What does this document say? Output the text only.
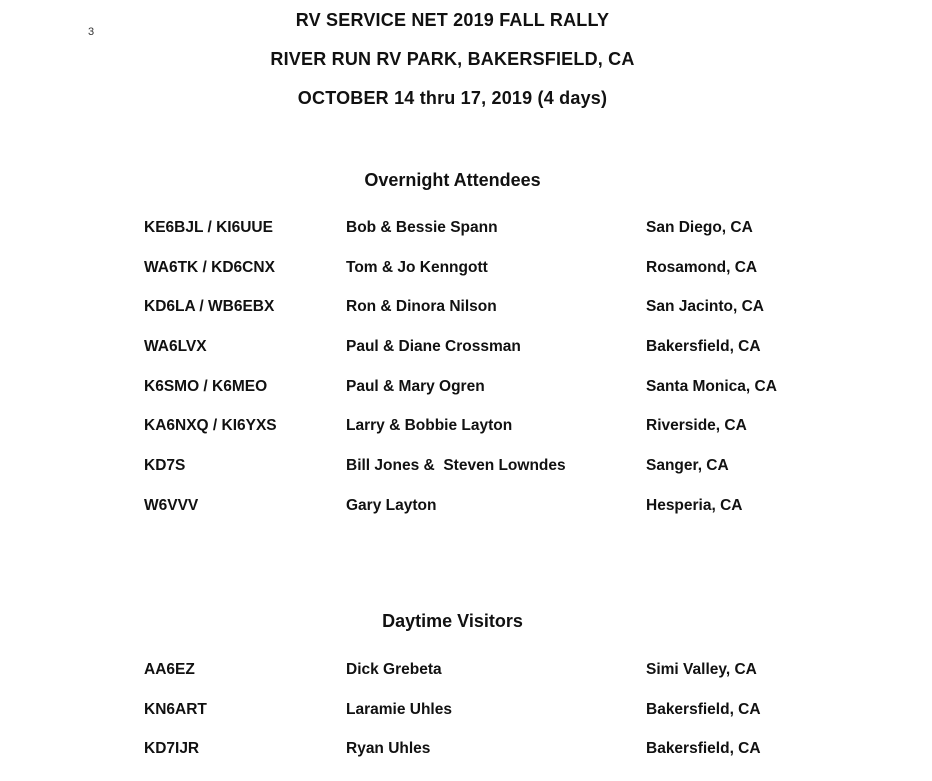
3
RV SERVICE NET 2019 FALL RALLY
RIVER RUN RV PARK, BAKERSFIELD, CA
OCTOBER 14 thru 17, 2019 (4 days)
Overnight Attendees
KE6BJL / KI6UUE	Bob & Bessie Spann	San Diego, CA
WA6TK / KD6CNX	Tom & Jo Kenngott	Rosamond, CA
KD6LA / WB6EBX	Ron & Dinora Nilson	San Jacinto, CA
WA6LVX	Paul & Diane Crossman	Bakersfield, CA
K6SMO / K6MEO	Paul & Mary Ogren	Santa Monica, CA
KA6NXQ / KI6YXS	Larry & Bobbie Layton	Riverside, CA
KD7S	Bill Jones &  Steven Lowndes	Sanger, CA
W6VVV	Gary Layton	Hesperia, CA
Daytime Visitors
AA6EZ	Dick Grebeta	Simi Valley, CA
KN6ART	Laramie Uhles	Bakersfield, CA
KD7IJR	Ryan Uhles	Bakersfield, CA
